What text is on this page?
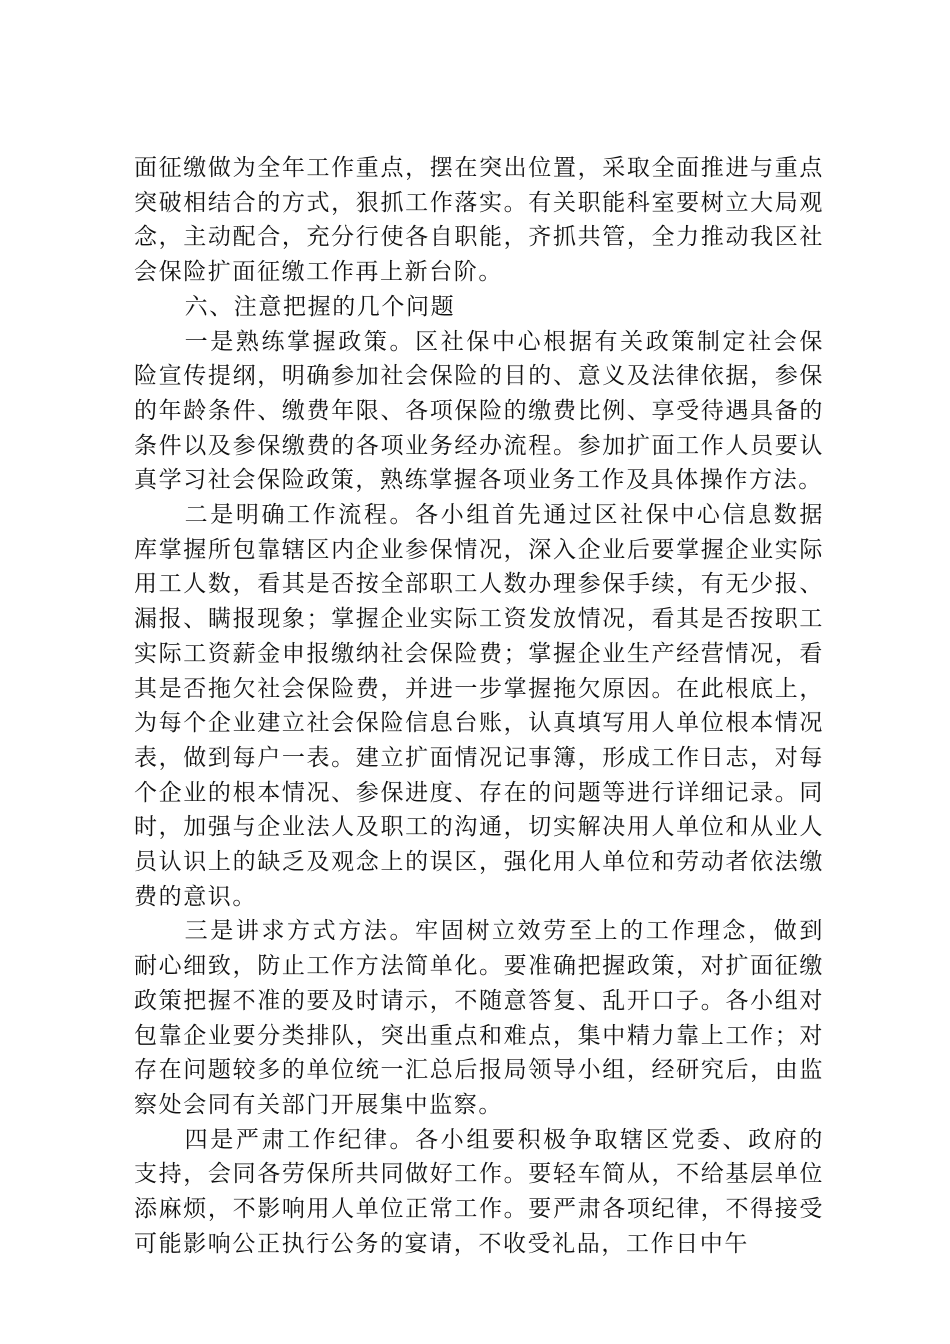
面征缴做为全年工作重点，摆在突出位置，采取全面推进与重点突破相结合的方式，狠抓工作落实。有关职能科室要树立大局观念，主动配合，充分行使各自职能，齐抓共管，全力推动我区社会保险扩面征缴工作再上新台阶。

六、注意把握的几个问题

一是熟练掌握政策。区社保中心根据有关政策制定社会保险宣传提纲，明确参加社会保险的目的、意义及法律依据，参保的年龄条件、缴费年限、各项保险的缴费比例、享受待遇具备的条件以及参保缴费的各项业务经办流程。参加扩面工作人员要认真学习社会保险政策，熟练掌握各项业务工作及具体操作方法。

二是明确工作流程。各小组首先通过区社保中心信息数据库掌握所包靠辖区内企业参保情况，深入企业后要掌握企业实际用工人数，看其是否按全部职工人数办理参保手续，有无少报、漏报、瞒报现象；掌握企业实际工资发放情况，看其是否按职工实际工资薪金申报缴纳社会保险费；掌握企业生产经营情况，看其是否拖欠社会保险费，并进一步掌握拖欠原因。在此根底上，为每个企业建立社会保险信息台账，认真填写用人单位根本情况表，做到每户一表。建立扩面情况记事簿，形成工作日志，对每个企业的根本情况、参保进度、存在的问题等进行详细记录。同时，加强与企业法人及职工的沟通，切实解决用人单位和从业人员认识上的缺乏及观念上的误区，强化用人单位和劳动者依法缴费的意识。

三是讲求方式方法。牢固树立效劳至上的工作理念，做到耐心细致，防止工作方法简单化。要准确把握政策，对扩面征缴政策把握不准的要及时请示，不随意答复、乱开口子。各小组对包靠企业要分类排队，突出重点和难点，集中精力靠上工作；对存在问题较多的单位统一汇总后报局领导小组，经研究后，由监察处会同有关部门开展集中监察。

四是严肃工作纪律。各小组要积极争取辖区党委、政府的支持，会同各劳保所共同做好工作。要轻车简从，不给基层单位添麻烦，不影响用人单位正常工作。要严肃各项纪律，不得接受可能影响公正执行公务的宴请，不收受礼品，工作日中午
